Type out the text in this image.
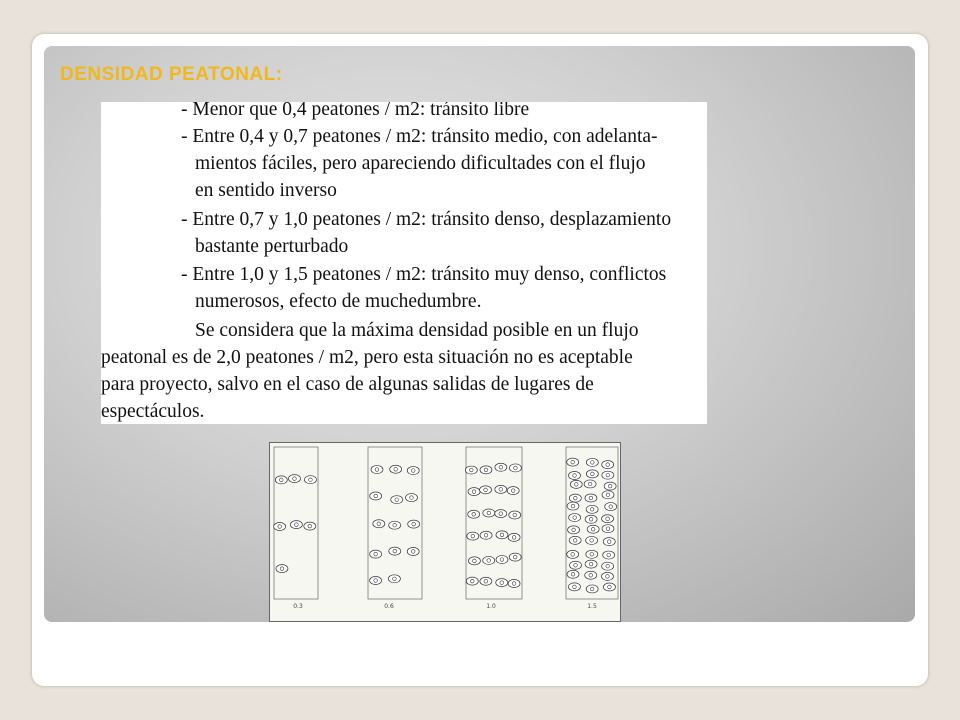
DENSIDAD PEATONAL:
- Menor que 0,4 peatones / m2: tránsito libre
- Entre 0,4 y 0,7 peatones / m2: tránsito medio, con adelanta-
mientos fáciles, pero apareciendo dificultades con el flujo
en sentido inverso
- Entre 0,7 y 1,0 peatones / m2: tránsito denso, desplazamiento
bastante perturbado
- Entre 1,0 y 1,5 peatones / m2: tránsito muy denso, conflictos
numerosos, efecto de muchedumbre.
Se considera que la máxima densidad posible en un flujo
peatonal es de 2,0 peatones / m2, pero esta situación no es aceptable
para proyecto, salvo en el caso de algunas salidas de lugares de
espectáculos.
0.3	0.6	1.0	1.5
